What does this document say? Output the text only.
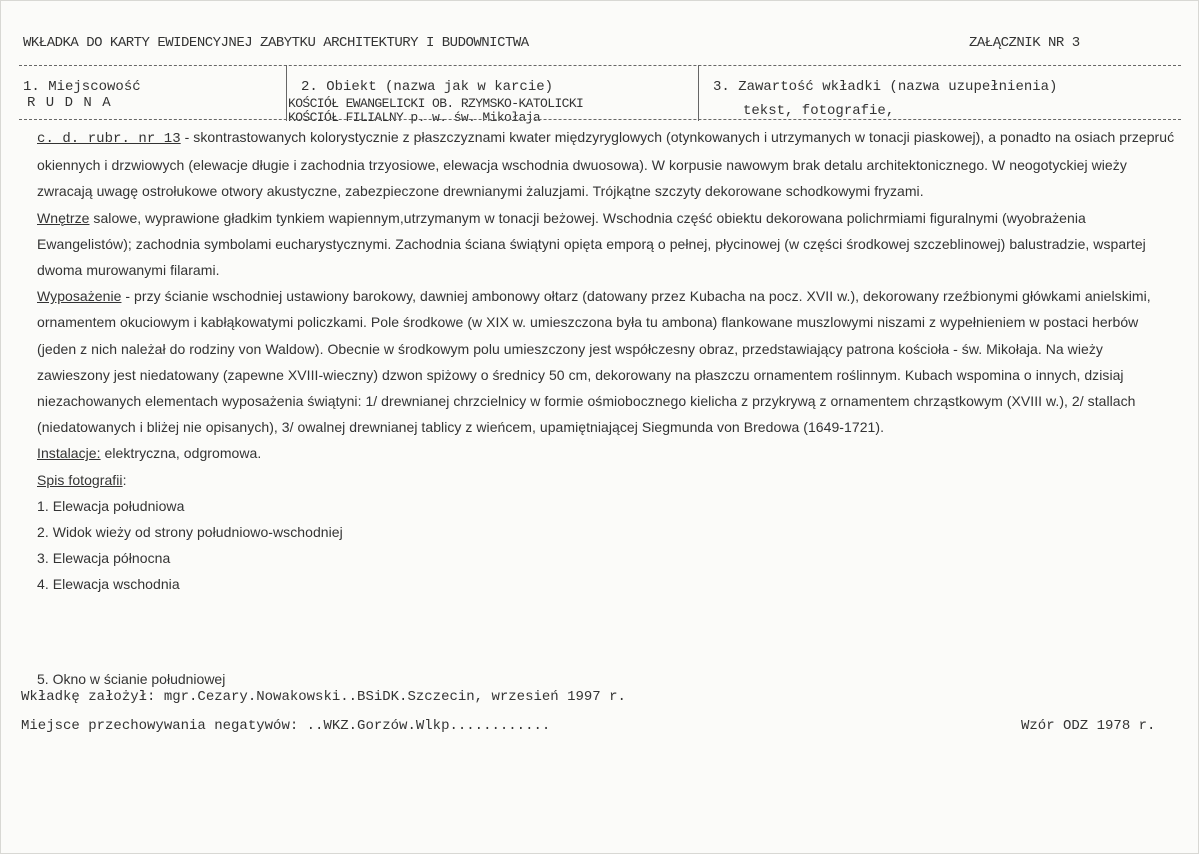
WKŁADKA DO KARTY EWIDENCYJNEJ ZABYTKU ARCHITEKTURY I BUDOWNICTWA	ZAŁĄCZNIK NR 3
1. Miejscowość
R U D N A
2. Obiekt (nazwa jak w karcie)
KOŚCIÓŁ EWANGELICKI OB. RZYMSKO-KATOLICKI
KOŚCIÓŁ FILIALNY p. w. św. Mikołaja
3. Zawartość wkładki (nazwa uzupełnienia)
tekst, fotografie,

c. d. rubr. nr 13 - skontrastowanych kolorystycznie z płaszczyznami kwater międzyryglowych (otynkowanych i utrzymanych w tonacji piaskowej), a ponadto na osiach przepruć okiennych i drzwiowych (elewacje długie i zachodnia trzyosiowe, elewacja wschodnia dwuosowa). W korpusie nawowym brak detalu architektonicznego. W neogotyckiej wieży zwracają uwagę ostrołukowe otwory akustyczne, zabezpieczone drewnianymi żaluzjami. Trójkątne szczyty dekorowane schodkowymi fryzami.

Wnętrze salowe, wyprawione gładkim tynkiem wapiennym,utrzymanym w tonacji beżowej. Wschodnia część obiektu dekorowana polichrmiami figuralnymi (wyobrażenia Ewangelistów); zachodnia symbolami eucharystycznymi. Zachodnia ściana świątyni opięta emporą o pełnej, płycinowej (w części środkowej szczeblinowej) balustradzie, wspartej dwoma murowanymi filarami.

Wyposażenie - przy ścianie wschodniej ustawiony barokowy, dawniej ambonowy ołtarz (datowany przez Kubacha na pocz. XVII w.), dekorowany rzeźbionymi główkami anielskimi, ornamentem okuciowym i kabłąkowatymi policzkami. Pole środkowe (w XIX w. umieszczona była tu ambona) flankowane muszlowymi niszami z wypełnieniem w postaci herbów (jeden z nich należał do rodziny von Waldow). Obecnie w środkowym polu umieszczony jest współczesny obraz, przedstawiający patrona kościoła - św. Mikołaja. Na wieży zawieszony jest niedatowany (zapewne XVIII-wieczny) dzwon spiżowy o średnicy 50 cm, dekorowany na płaszczu ornamentem roślinnym. Kubach wspomina o innych, dzisiaj niezachowanych elementach wyposażenia świątyni: 1/ drewnianej chrzcielnicy w formie ośmiobocznego kielicha z przykrywą z ornamentem chrząstkowym (XVIII w.), 2/ stallach (niedatowanych i bliżej nie opisanych), 3/ owalnej drewnianej tablicy z wieńcem, upamiętniającej Siegmunda von Bredowa (1649-1721).

Instalacje: elektryczna, odgromowa.

Spis fotografii:

1. Elewacja południowa

2. Widok wieży od strony południowo-wschodniej

3. Elewacja północna

4. Elewacja wschodnia

5. Okno w ścianie południowej
Wkładkę założył: mgr.Cezary.Nowakowski..BSiDK.Szczecin, wrzesień 1997 r.
Miejsce przechowywania negatywów: ..WKZ.Gorzów.Wlkp............	Wzór ODZ 1978 r.
